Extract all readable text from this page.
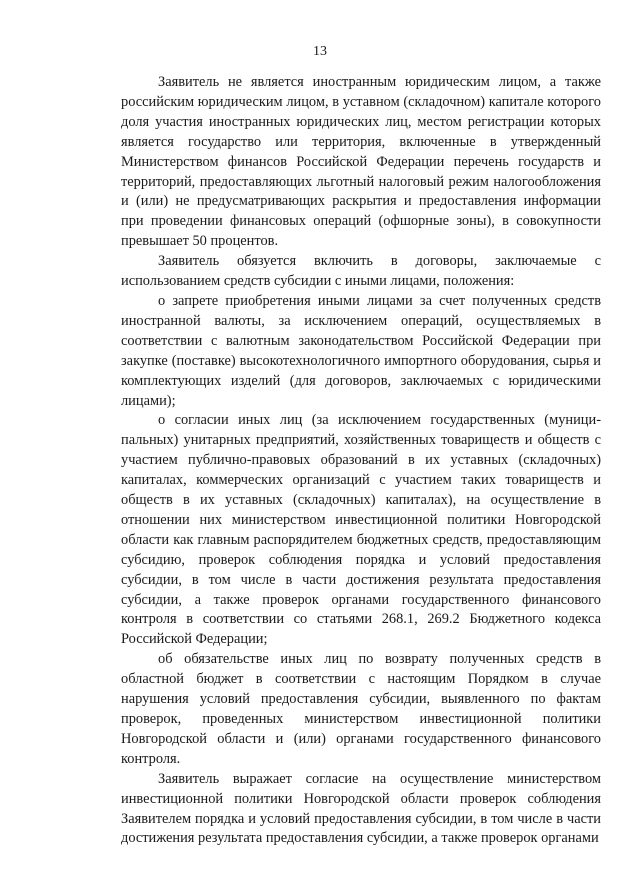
13

Заявитель не является иностранным юридическим лицом, а также российским юридическим лицом, в уставном (складочном) капитале которого доля участия иностранных юридических лиц, местом регистрации которых является государство или территория, включенные в утвержденный Министерством финансов Российской Федерации перечень государств и территорий, предоставляющих льготный налоговый режим налогообложения и (или) не предусматривающих раскрытия и предоставления информации при проведении финансовых операций (офшорные зоны), в совокупности превышает 50 процентов.

Заявитель обязуется включить в договоры, заключаемые с использованием средств субсидии с иными лицами, положения:

о запрете приобретения иными лицами за счет полученных средств иностранной валюты, за исключением операций, осуществляемых в соответствии с валютным законодательством Российской Федерации при закупке (поставке) высокотехнологичного импортного оборудования, сырья и комплектующих изделий (для договоров, заключаемых с юридическими лицами);

о согласии иных лиц (за исключением государственных (муниципальных) унитарных предприятий, хозяйственных товариществ и обществ с участием публично-правовых образований в их уставных (складочных) капиталах, коммерческих организаций с участием таких товариществ и обществ в их уставных (складочных) капиталах), на осуществление в отношении них министерством инвестиционной политики Новгородской области как главным распорядителем бюджетных средств, предоставляющим субсидию, проверок соблюдения порядка и условий предоставления субсидии, в том числе в части достижения результата предоставления субсидии, а также проверок органами государственного финансового контроля в соответствии со статьями 268.1, 269.2 Бюджетного кодекса Российской Федерации;

об обязательстве иных лиц по возврату полученных средств в областной бюджет в соответствии с настоящим Порядком в случае нарушения условий предоставления субсидии, выявленного по фактам проверок, проведенных министерством инвестиционной политики Новгородской области и (или) органами государственного финансового контроля.

Заявитель выражает согласие на осуществление министерством инвестиционной политики Новгородской области проверок соблюдения Заявителем порядка и условий предоставления субсидии, в том числе в части достижения результата предоставления субсидии, а также проверок органами
